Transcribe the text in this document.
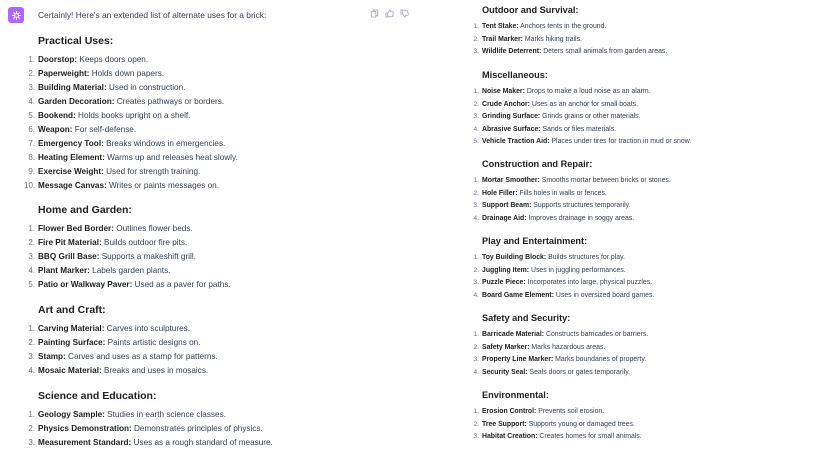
Certainly! Here's an extended list of alternate uses for a brick:
Practical Uses:
1. Doorstop: Keeps doors open.
2. Paperweight: Holds down papers.
3. Building Material: Used in construction.
4. Garden Decoration: Creates pathways or borders.
5. Bookend: Holds books upright on a shelf.
6. Weapon: For self-defense.
7. Emergency Tool: Breaks windows in emergencies.
8. Heating Element: Warms up and releases heat slowly.
9. Exercise Weight: Used for strength training.
10. Message Canvas: Writes or paints messages on.
Home and Garden:
1. Flower Bed Border: Outlines flower beds.
2. Fire Pit Material: Builds outdoor fire pits.
3. BBQ Grill Base: Supports a makeshift grill.
4. Plant Marker: Labels garden plants.
5. Patio or Walkway Paver: Used as a paver for paths.
Art and Craft:
1. Carving Material: Carves into sculptures.
2. Painting Surface: Paints artistic designs on.
3. Stamp: Carves and uses as a stamp for patterns.
4. Mosaic Material: Breaks and uses in mosaics.
Science and Education:
1. Geology Sample: Studies in earth science classes.
2. Physics Demonstration: Demonstrates principles of physics.
3. Measurement Standard: Uses as a rough standard of measure.
Outdoor and Survival:
1. Tent Stake: Anchors tents in the ground.
2. Trail Marker: Marks hiking trails.
3. Wildlife Deterrent: Deters small animals from garden areas.
Miscellaneous:
1. Noise Maker: Drops to make a loud noise as an alarm.
2. Crude Anchor: Uses as an anchor for small boats.
3. Grinding Surface: Grinds grains or other materials.
4. Abrasive Surface: Sands or files materials.
5. Vehicle Traction Aid: Places under tires for traction in mud or snow.
Construction and Repair:
1. Mortar Smoother: Smooths mortar between bricks or stones.
2. Hole Filler: Fills holes in walls or fences.
3. Support Beam: Supports structures temporarily.
4. Drainage Aid: Improves drainage in soggy areas.
Play and Entertainment:
1. Toy Building Block: Builds structures for play.
2. Juggling Item: Uses in juggling performances.
3. Puzzle Piece: Incorporates into large, physical puzzles.
4. Board Game Element: Uses in oversized board games.
Safety and Security:
1. Barricade Material: Constructs barricades or barriers.
2. Safety Marker: Marks hazardous areas.
3. Property Line Marker: Marks boundaries of property.
4. Security Seal: Seals doors or gates temporarily.
Environmental:
1. Erosion Control: Prevents soil erosion.
2. Tree Support: Supports young or damaged trees.
3. Habitat Creation: Creates homes for small animals.
